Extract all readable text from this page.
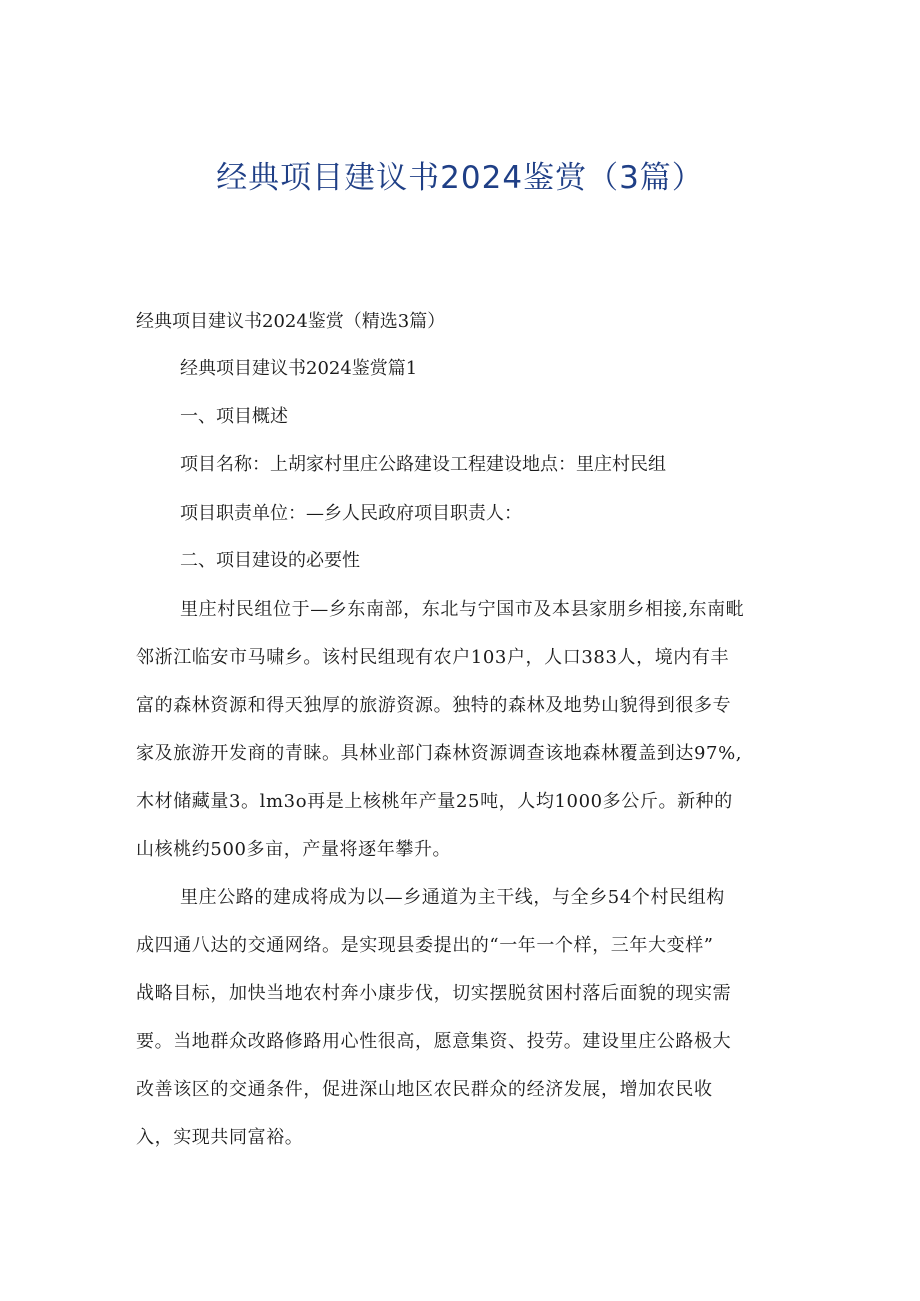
经典项目建议书2024鉴赏（3篇）

经典项目建议书2024鉴赏（精选3篇）

经典项目建议书2024鉴赏篇1

一、项目概述

项目名称：上胡家村里庄公路建设工程建设地点：里庄村民组

项目职责单位：—乡人民政府项目职责人：

二、项目建设的必要性

里庄村民组位于—乡东南部，东北与宁国市及本县家朋乡相接,东南毗

邻浙江临安市马啸乡。该村民组现有农户103户，人口383人，境内有丰

富的森林资源和得天独厚的旅游资源。独特的森林及地势山貌得到很多专

家及旅游开发商的青睐。具林业部门森林资源调查该地森林覆盖到达97%,

木材储藏量3。lm3o再是上核桃年产量25吨，人均1000多公斤。新种的

山核桃约500多亩，产量将逐年攀升。

里庄公路的建成将成为以—乡通道为主干线，与全乡54个村民组构

成四通八达的交通网络。是实现县委提出的“一年一个样，三年大变样”

战略目标，加快当地农村奔小康步伐，切实摆脱贫困村落后面貌的现实需

要。当地群众改路修路用心性很高，愿意集资、投劳。建设里庄公路极大

改善该区的交通条件，促进深山地区农民群众的经济发展，增加农民收

入，实现共同富裕。
